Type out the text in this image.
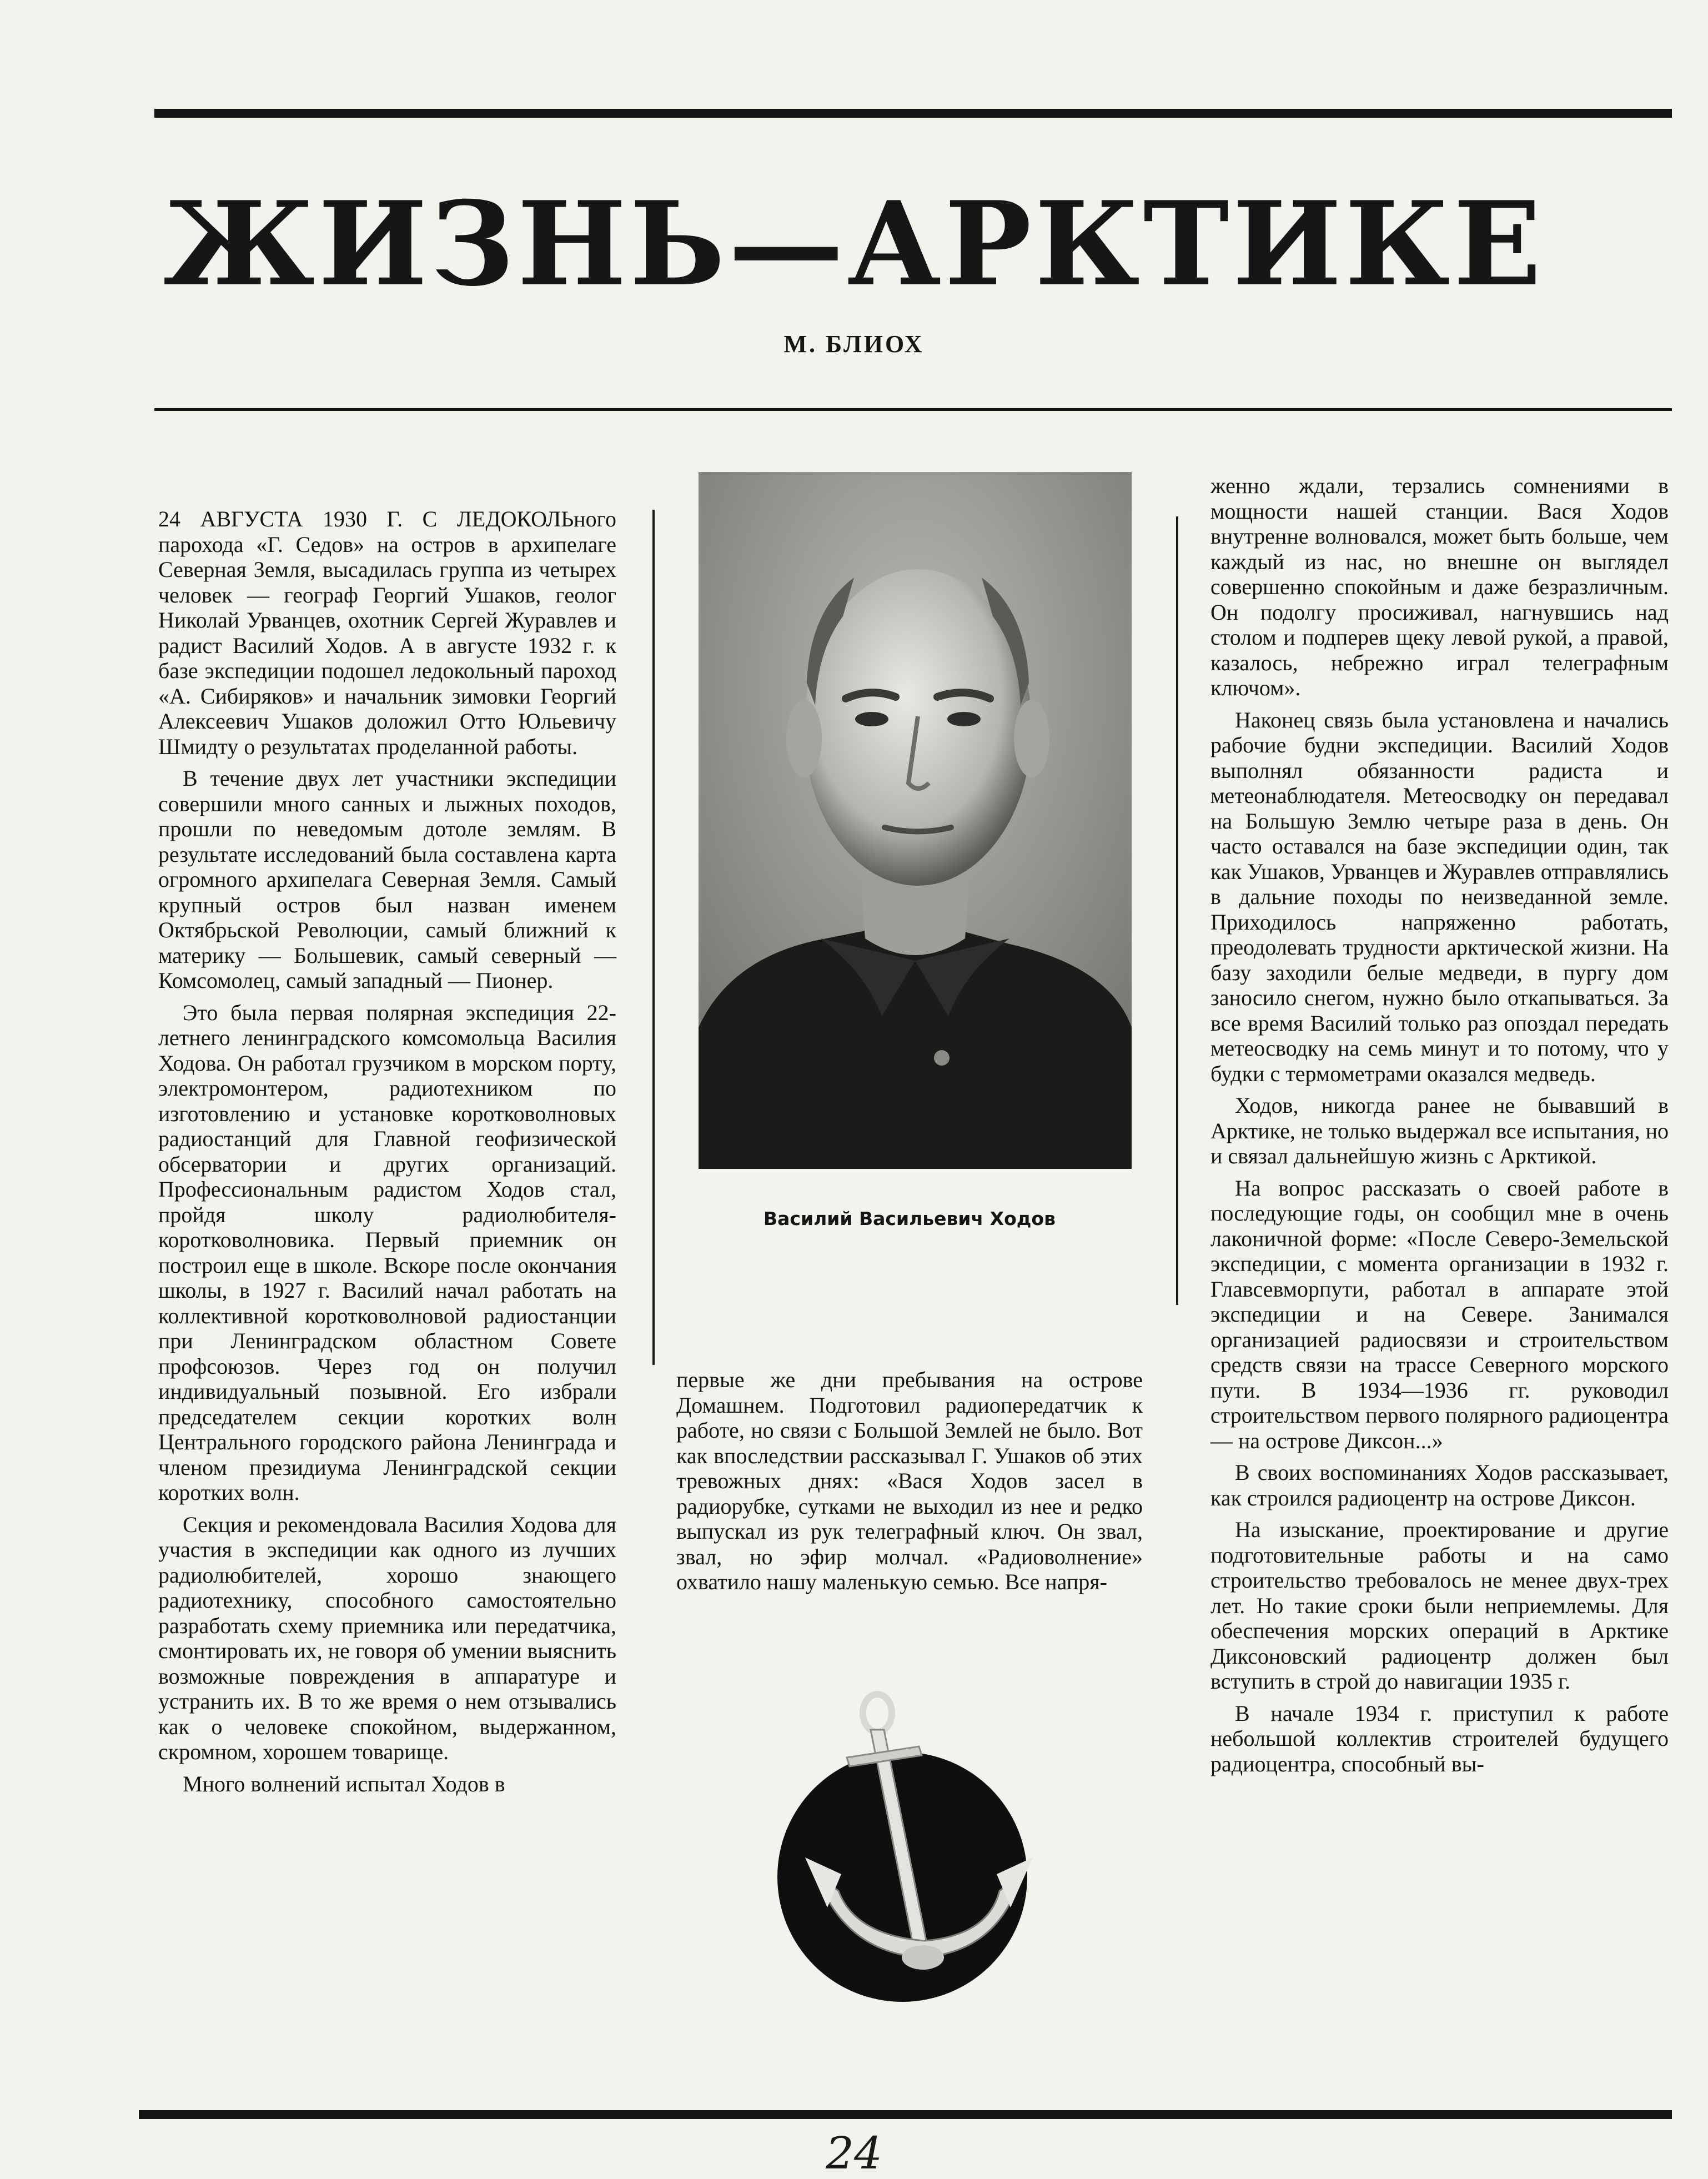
ЖИЗНЬ—АРКТИКЕ
М. БЛИОХ

24 АВГУСТА 1930 Г. С ЛЕДОКОЛЬного парохода «Г. Седов» на остров в архипелаге Северная Земля, высадилась группа из четырех человек — географ Георгий Ушаков, геолог Николай Урванцев, охотник Сергей Журавлев и радист Василий Ходов. А в августе 1932 г. к базе экспедиции подошел ледокольный пароход «А. Сибиряков» и начальник зимовки Георгий Алексеевич Ушаков доложил Отто Юльевичу Шмидту о результатах проделанной работы.

В течение двух лет участники экспедиции совершили много санных и лыжных походов, прошли по неведомым дотоле землям. В результате исследований была составлена карта огромного архипелага Северная Земля. Самый крупный остров был назван именем Октябрьской Революции, самый ближний к материку — Большевик, самый северный — Комсомолец, самый западный — Пионер.

Это была первая полярная экспедиция 22-летнего ленинградского комсомольца Василия Ходова. Он работал грузчиком в морском порту, электромонтером, радиотехником по изготовлению и установке коротковолновых радиостанций для Главной геофизической обсерватории и других организаций. Профессиональным радистом Ходов стал, пройдя школу радиолюбителя-коротковолновика. Первый приемник он построил еще в школе. Вскоре после окончания школы, в 1927 г. Василий начал работать на коллективной коротковолновой радиостанции при Ленинградском областном Совете профсоюзов. Через год он получил индивидуальный позывной. Его избрали председателем секции коротких волн Центрального городского района Ленинграда и членом президиума Ленинградской секции коротких волн.

Секция и рекомендовала Василия Ходова для участия в экспедиции как одного из лучших радиолюбителей, хорошо знающего радиотехнику, способного самостоятельно разработать схему приемника или передатчика, смонтировать их, не говоря об умении выяснить возможные повреждения в аппаратуре и устранить их. В то же время о нем отзывались как о человеке спокойном, выдержанном, скромном, хорошем товарище.

Много волнений испытал Ходов в

Василий Васильевич Ходов

первые же дни пребывания на острове Домашнем. Подготовил радиопередатчик к работе, но связи с Большой Землей не было. Вот как впоследствии рассказывал Г. Ушаков об этих тревожных днях: «Вася Ходов засел в радиорубке, сутками не выходил из нее и редко выпускал из рук телеграфный ключ. Он звал, звал, но эфир молчал. «Радиоволнение» охватило нашу маленькую семью. Все напря-

женно ждали, терзались сомнениями в мощности нашей станции. Вася Ходов внутренне волновался, может быть больше, чем каждый из нас, но внешне он выглядел совершенно спокойным и даже безразличным. Он подолгу просиживал, нагнувшись над столом и подперев щеку левой рукой, а правой, казалось, небрежно играл телеграфным ключом».

Наконец связь была установлена и начались рабочие будни экспедиции. Василий Ходов выполнял обязанности радиста и метеонаблюдателя. Метеосводку он передавал на Большую Землю четыре раза в день. Он часто оставался на базе экспедиции один, так как Ушаков, Урванцев и Журавлев отправлялись в дальние походы по неизведанной земле. Приходилось напряженно работать, преодолевать трудности арктической жизни. На базу заходили белые медведи, в пургу дом заносило снегом, нужно было откапываться. За все время Василий только раз опоздал передать метеосводку на семь минут и то потому, что у будки с термометрами оказался медведь.

Ходов, никогда ранее не бывавший в Арктике, не только выдержал все испытания, но и связал дальнейшую жизнь с Арктикой.

На вопрос рассказать о своей работе в последующие годы, он сообщил мне в очень лаконичной форме: «После Северо-Земельской экспедиции, с момента организации в 1932 г. Главсевморпути, работал в аппарате этой экспедиции и на Севере. Занимался организацией радиосвязи и строительством средств связи на трассе Северного морского пути. В 1934—1936 гг. руководил строительством первого полярного радиоцентра — на острове Диксон...»

В своих воспоминаниях Ходов рассказывает, как строился радиоцентр на острове Диксон.

На изыскание, проектирование и другие подготовительные работы и на само строительство требовалось не менее двух-трех лет. Но такие сроки были неприемлемы. Для обеспечения морских операций в Арктике Диксоновский радиоцентр должен был вступить в строй до навигации 1935 г.

В начале 1934 г. приступил к работе небольшой коллектив строителей будущего радиоцентра, способный вы-

24
